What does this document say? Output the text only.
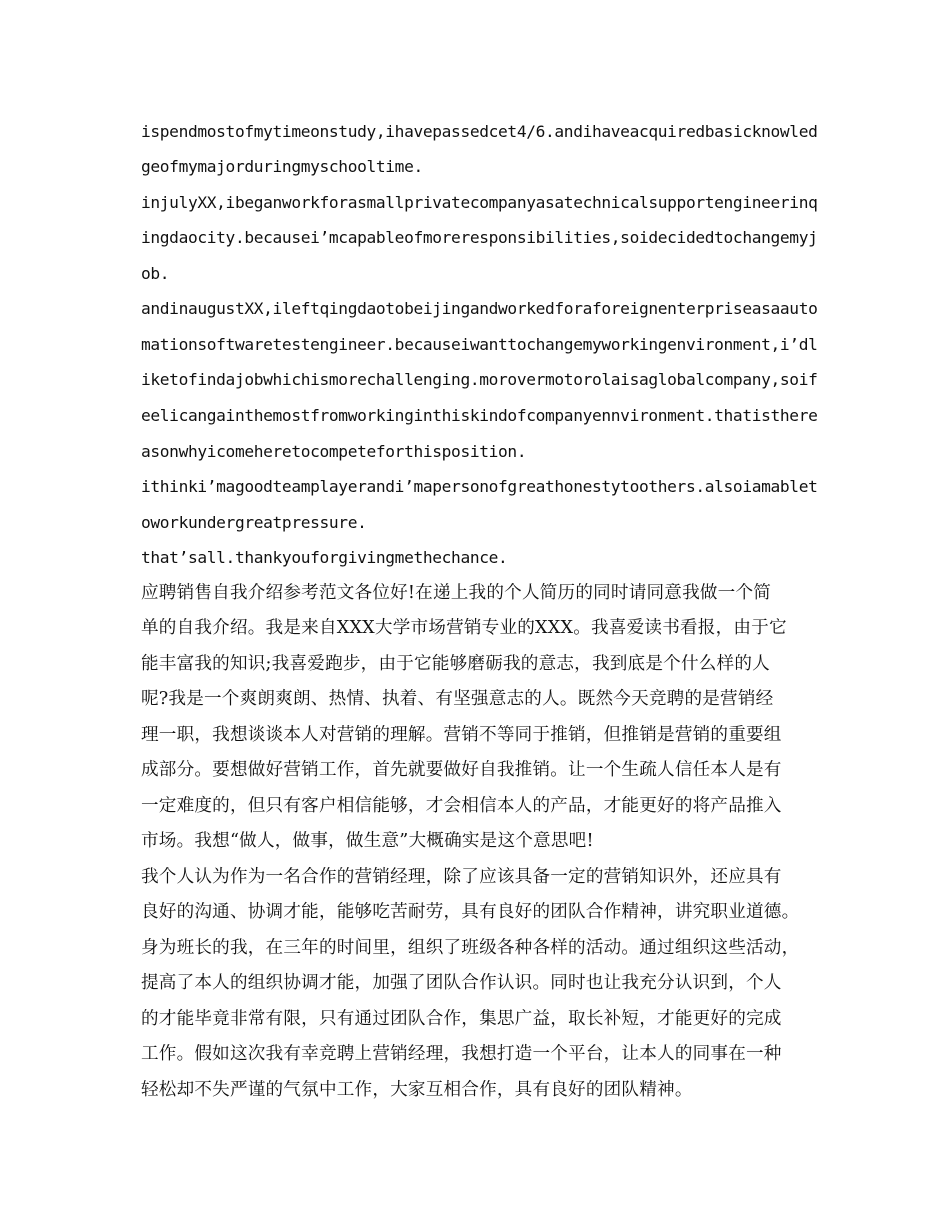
ispendmostofmytimeonstudy,ihavepassedcet4/6.andihaveacquiredbasicknowled
geofmymajorduringmyschooltime.
injulyXX,ibeganworkforasmallprivatecompanyasatechnicalsupportengineerinq
ingdaocity.becausei’mcapableofmoreresponsibilities,soidecidedtochangemyj
ob.
andinaugustXX,ileftqingdaotobeijingandworkedforaforeignenterpriseasaauto
mationsoftwaretestengineer.becauseiwanttochangemyworkingenvironment,i’dl
iketofindajobwhichismorechallenging.morovermotorolaisaglobalcompany,soif
eelicangainthemostfromworkinginthiskindofcompanyennvironment.thatisthere
asonwhyicomeheretocompeteforthisposition.
ithinki’magoodteamplayerandi’mapersonofgreathonestytoothers.alsoiamablet
oworkundergreatpressure.
that’sall.thankyouforgivingmethechance.
应聘销售自我介绍参考范文各位好!在递上我的个人简历的同时请同意我做一个简
单的自我介绍。我是来自XXX大学市场营销专业的XXX。我喜爱读书看报，由于它
能丰富我的知识;我喜爱跑步，由于它能够磨砺我的意志，我到底是个什么样的人
呢?我是一个爽朗爽朗、热情、执着、有坚强意志的人。既然今天竞聘的是营销经
理一职，我想谈谈本人对营销的理解。营销不等同于推销，但推销是营销的重要组
成部分。要想做好营销工作，首先就要做好自我推销。让一个生疏人信任本人是有
一定难度的，但只有客户相信能够，才会相信本人的产品，才能更好的将产品推入
市场。我想“做人，做事，做生意”大概确实是这个意思吧!
我个人认为作为一名合作的营销经理，除了应该具备一定的营销知识外，还应具有
良好的沟通、协调才能，能够吃苦耐劳，具有良好的团队合作精神，讲究职业道德。
身为班长的我，在三年的时间里，组织了班级各种各样的活动。通过组织这些活动，
提高了本人的组织协调才能，加强了团队合作认识。同时也让我充分认识到，个人
的才能毕竟非常有限，只有通过团队合作，集思广益，取长补短，才能更好的完成
工作。假如这次我有幸竞聘上营销经理，我想打造一个平台，让本人的同事在一种
轻松却不失严谨的气氛中工作，大家互相合作，具有良好的团队精神。
